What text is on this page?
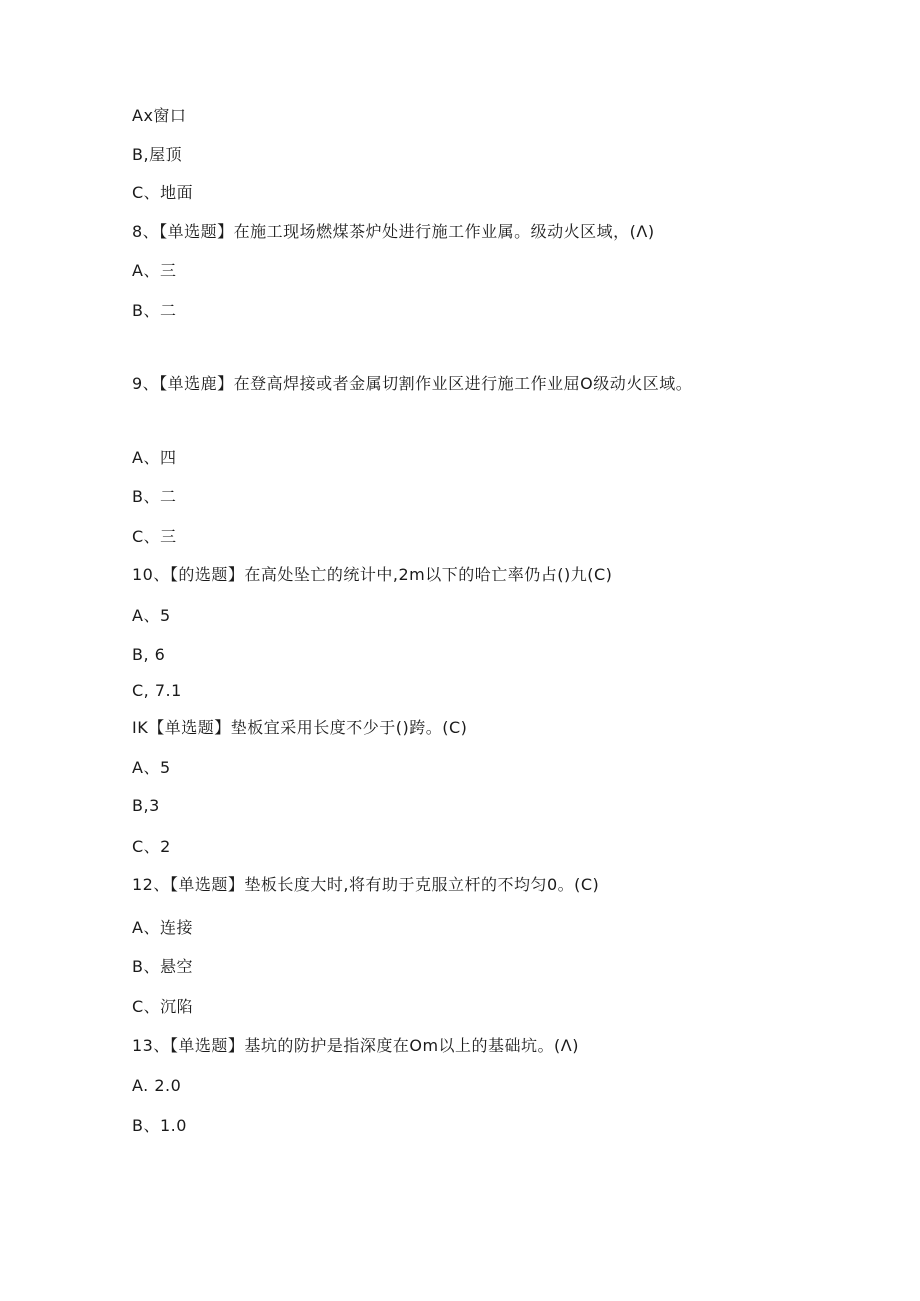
Ax窗口
B,屋顶
C、地面
8、【单选题】在施工现场燃煤茶炉处进行施工作业属。级动火区域，(Λ)
A、三
B、二
9、【单选鹿】在登高焊接或者金属切割作业区进行施工作业屈O级动火区域。
A、四
B、二
C、三
10、【的选题】在高处坠亡的统计中,2m以下的哈亡率仍占()九(C)
A、5
B, 6
C, 7.1
IK【单选题】垫板宜采用长度不少于()跨。(C)
A、5
B,3
C、2
12、【单选题】垫板长度大时,将有助于克服立杆的不均匀0。(C)
A、连接
B、悬空
C、沉陷
13、【单选题】基坑的防护是指深度在Om以上的基础坑。(Λ)
A. 2.0
B、1.0
